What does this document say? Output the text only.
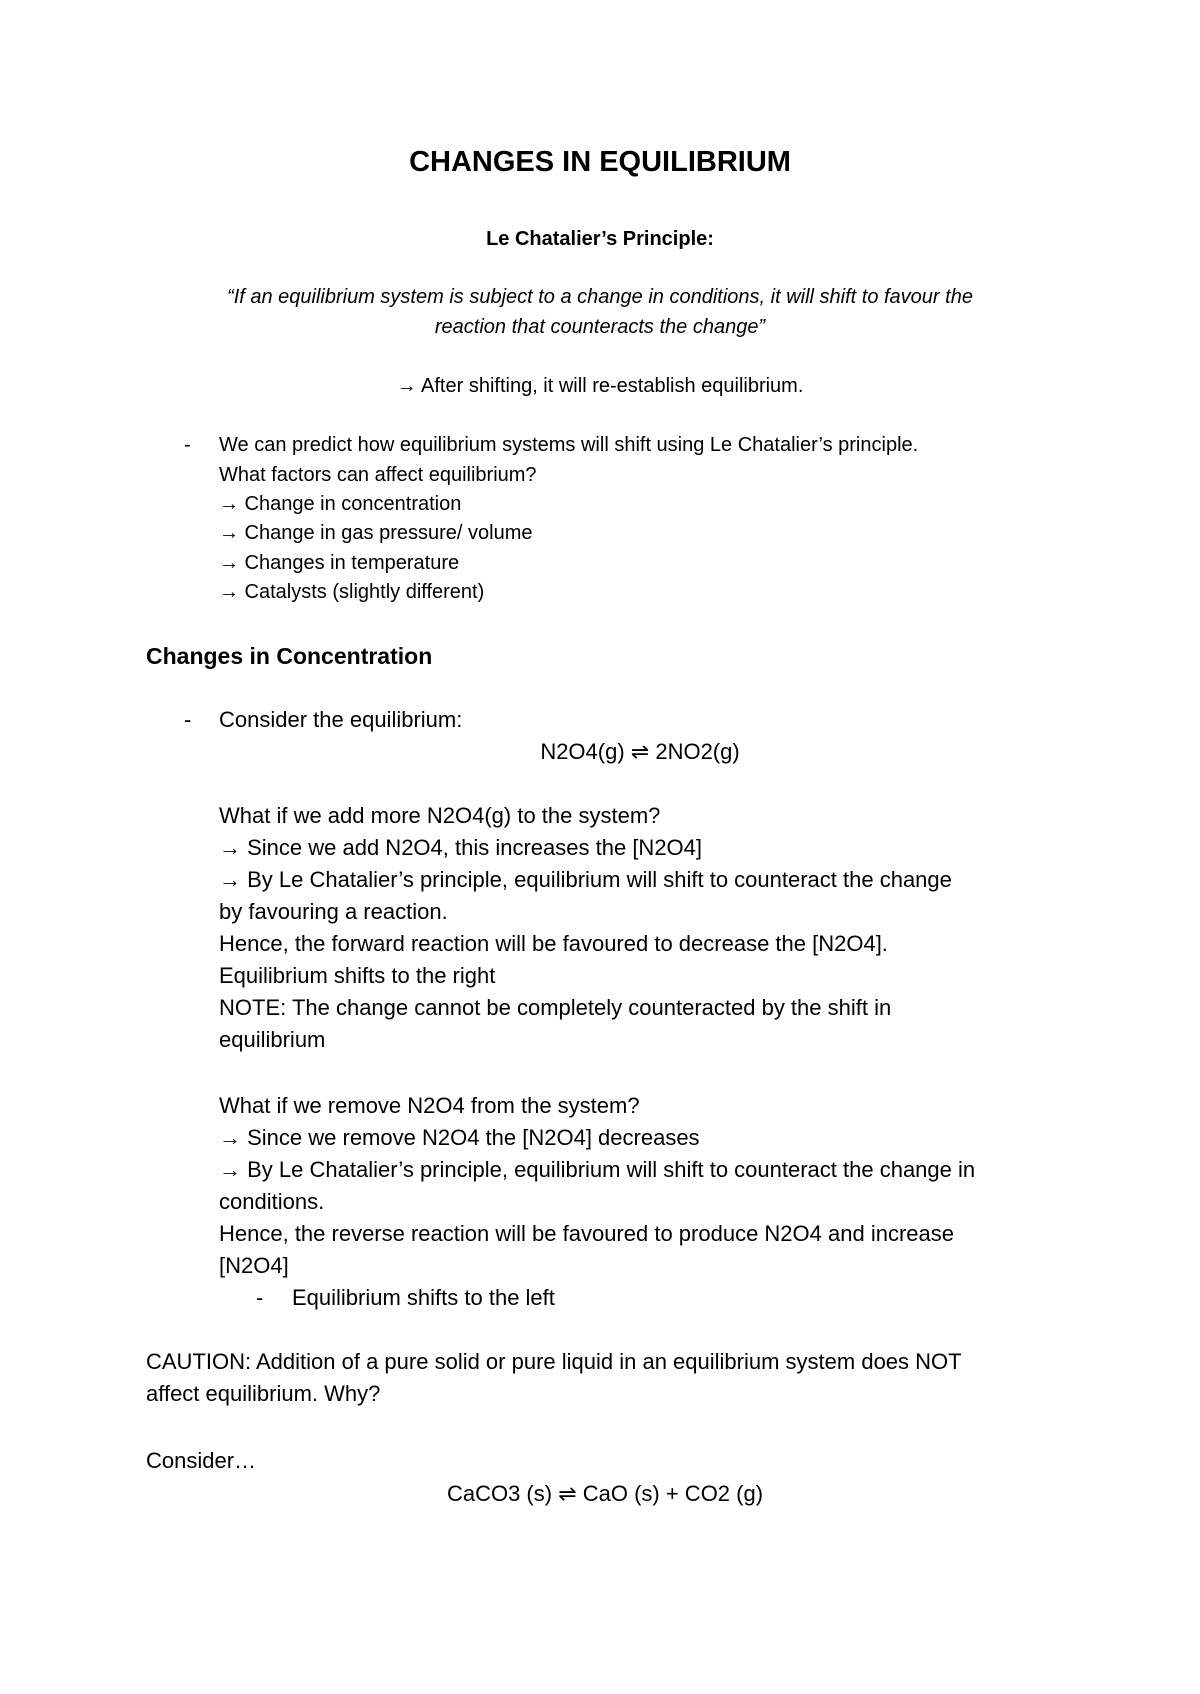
CHANGES IN EQUILIBRIUM
Le Chatalier’s Principle:
“If an equilibrium system is subject to a change in conditions, it will shift to favour the
reaction that counteracts the change”
→ After shifting, it will re-establish equilibrium.
- We can predict how equilibrium systems will shift using Le Chatalier’s principle.
What factors can affect equilibrium?
→ Change in concentration
→ Change in gas pressure/ volume
→ Changes in temperature
→ Catalysts (slightly different)
Changes in Concentration
- Consider the equilibrium:
N2O4(g) ⇌ 2NO2(g)
What if we add more N2O4(g) to the system?
→ Since we add N2O4, this increases the [N2O4]
→ By Le Chatalier’s principle, equilibrium will shift to counteract the change
by favouring a reaction.
Hence, the forward reaction will be favoured to decrease the [N2O4].
Equilibrium shifts to the right
NOTE: The change cannot be completely counteracted by the shift in
equilibrium
What if we remove N2O4 from the system?
→ Since we remove N2O4 the [N2O4] decreases
→ By Le Chatalier’s principle, equilibrium will shift to counteract the change in
conditions.
Hence, the reverse reaction will be favoured to produce N2O4 and increase
[N2O4]
- Equilibrium shifts to the left
CAUTION: Addition of a pure solid or pure liquid in an equilibrium system does NOT
affect equilibrium. Why?
Consider…
CaCO3 (s) ⇌ CaO (s) + CO2 (g)
